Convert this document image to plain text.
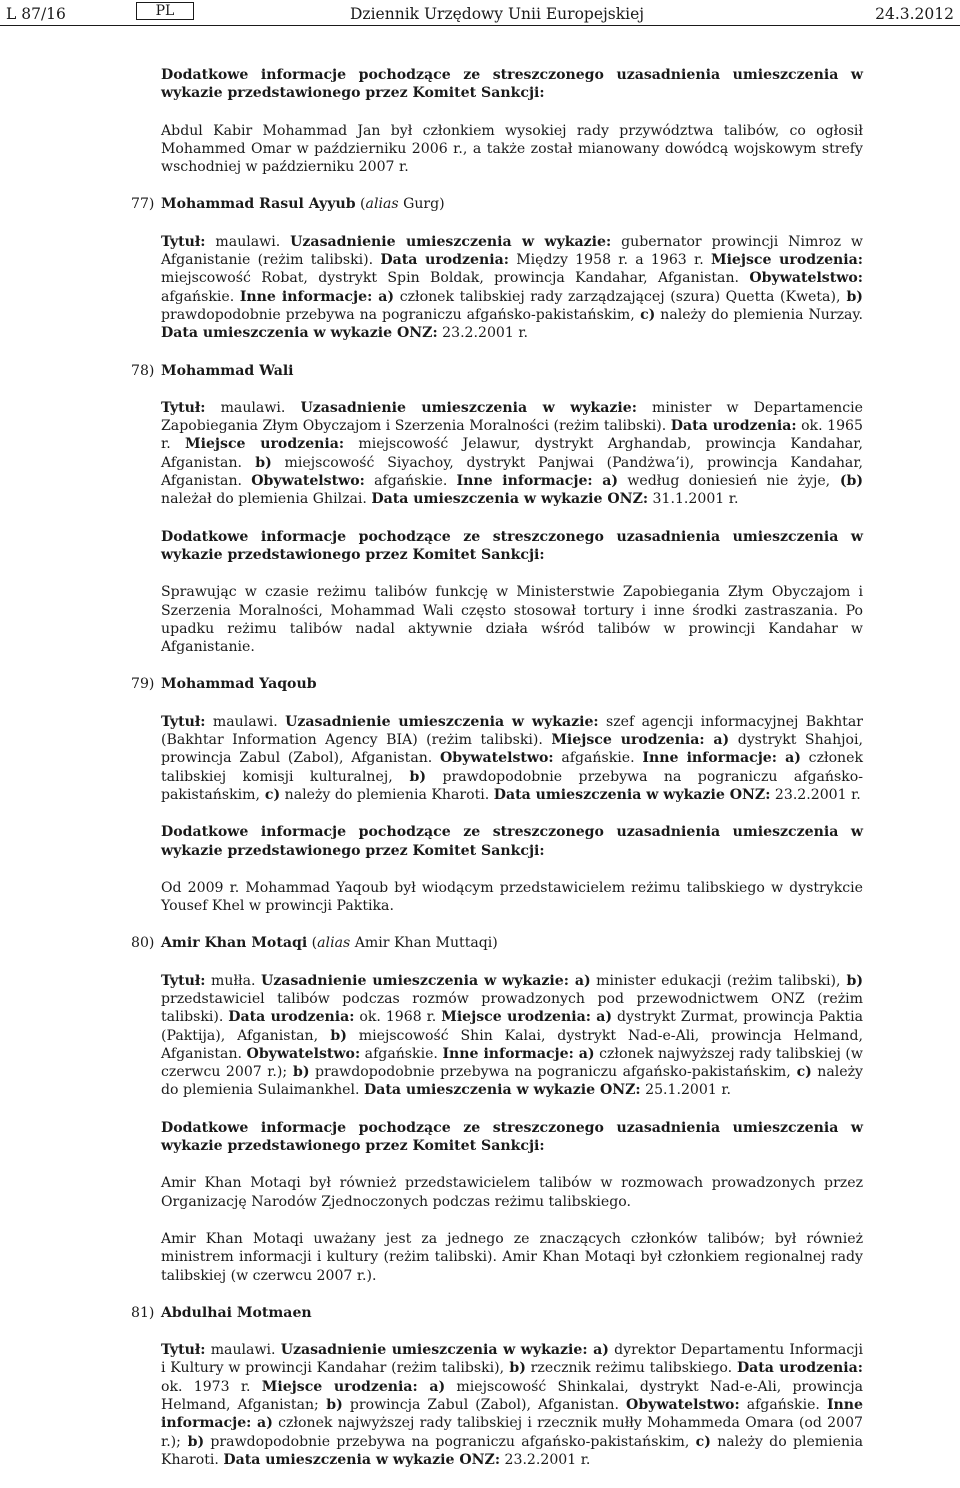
L 87/16	PL	Dziennik Urzędowy Unii Europejskiej	24.3.2012

Dodatkowe informacje pochodzące ze streszczonego uzasadnienia umieszczenia w wykazie przedstawionego przez Komitet Sankcji:

Abdul Kabir Mohammad Jan był członkiem wysokiej rady przywództwa talibów, co ogłosił Mohammed Omar w październiku 2006 r., a także został mianowany dowódcą wojskowym strefy wschodniej w październiku 2007 r.

77) Mohammad Rasul Ayyub (alias Gurg)

Tytuł: maulawi. Uzasadnienie umieszczenia w wykazie: gubernator prowincji Nimroz w Afganistanie (reżim talibski). Data urodzenia: Między 1958 r. a 1963 r. Miejsce urodzenia: miejscowość Robat, dystrykt Spin Boldak, prowincja Kandahar, Afganistan. Obywatelstwo: afgańskie. Inne informacje: a) członek talibskiej rady zarządzającej (szura) Quetta (Kweta), b) prawdopodobnie przebywa na pograniczu afgańsko-pakistańskim, c) należy do plemienia Nurzay. Data umieszczenia w wykazie ONZ: 23.2.2001 r.

78) Mohammad Wali

Tytuł: maulawi. Uzasadnienie umieszczenia w wykazie: minister w Departamencie Zapobiegania Złym Obyczajom i Szerzenia Moralności (reżim talibski). Data urodzenia: ok. 1965 r. Miejsce urodzenia: miejscowość Jelawur, dystrykt Arghandab, prowincja Kandahar, Afganistan. b) miejscowość Siyachoy, dystrykt Panjwai (Pandżwa’i), prowincja Kandahar, Afganistan. Obywatelstwo: afgańskie. Inne informacje: a) według doniesień nie żyje, (b) należał do plemienia Ghilzai. Data umieszczenia w wykazie ONZ: 31.1.2001 r.

Dodatkowe informacje pochodzące ze streszczonego uzasadnienia umieszczenia w wykazie przedstawionego przez Komitet Sankcji:

Sprawując w czasie reżimu talibów funkcję w Ministerstwie Zapobiegania Złym Obyczajom i Szerzenia Moralności, Mohammad Wali często stosował tortury i inne środki zastraszania. Po upadku reżimu talibów nadal aktywnie działa wśród talibów w prowincji Kandahar w Afganistanie.

79) Mohammad Yaqoub

Tytuł: maulawi. Uzasadnienie umieszczenia w wykazie: szef agencji informacyjnej Bakhtar (Bakhtar Information Agency BIA) (reżim talibski). Miejsce urodzenia: a) dystrykt Shahjoi, prowincja Zabul (Zabol), Afganistan. Obywatelstwo: afgańskie. Inne informacje: a) członek talibskiej komisji kulturalnej, b) prawdopodobnie przebywa na pograniczu afgańsko-pakistańskim, c) należy do plemienia Kharoti. Data umieszczenia w wykazie ONZ: 23.2.2001 r.

Dodatkowe informacje pochodzące ze streszczonego uzasadnienia umieszczenia w wykazie przedstawionego przez Komitet Sankcji:

Od 2009 r. Mohammad Yaqoub był wiodącym przedstawicielem reżimu talibskiego w dystrykcie Yousef Khel w prowincji Paktika.

80) Amir Khan Motaqi (alias Amir Khan Muttaqi)

Tytuł: mułła. Uzasadnienie umieszczenia w wykazie: a) minister edukacji (reżim talibski), b) przedstawiciel talibów podczas rozmów prowadzonych pod przewodnictwem ONZ (reżim talibski). Data urodzenia: ok. 1968 r. Miejsce urodzenia: a) dystrykt Zurmat, prowincja Paktia (Paktija), Afganistan, b) miejscowość Shin Kalai, dystrykt Nad-e-Ali, prowincja Helmand, Afganistan. Obywatelstwo: afgańskie. Inne informacje: a) członek najwyższej rady talibskiej (w czerwcu 2007 r.); b) prawdopodobnie przebywa na pograniczu afgańsko-pakistańskim, c) należy do plemienia Sulaimankhel. Data umieszczenia w wykazie ONZ: 25.1.2001 r.

Dodatkowe informacje pochodzące ze streszczonego uzasadnienia umieszczenia w wykazie przedstawionego przez Komitet Sankcji:

Amir Khan Motaqi był również przedstawicielem talibów w rozmowach prowadzonych przez Organizację Narodów Zjednoczonych podczas reżimu talibskiego.

Amir Khan Motaqi uważany jest za jednego ze znaczących członków talibów; był również ministrem informacji i kultury (reżim talibski). Amir Khan Motaqi był członkiem regionalnej rady talibskiej (w czerwcu 2007 r.).

81) Abdulhai Motmaen

Tytuł: maulawi. Uzasadnienie umieszczenia w wykazie: a) dyrektor Departamentu Informacji i Kultury w prowincji Kandahar (reżim talibski), b) rzecznik reżimu talibskiego. Data urodzenia: ok. 1973 r. Miejsce urodzenia: a) miejscowość Shinkalai, dystrykt Nad-e-Ali, prowincja Helmand, Afganistan; b) prowincja Zabul (Zabol), Afganistan. Obywatelstwo: afgańskie. Inne informacje: a) członek najwyższej rady talibskiej i rzecznik mułły Mohammeda Omara (od 2007 r.); b) prawdopodobnie przebywa na pograniczu afgańsko-pakistańskim, c) należy do plemienia Kharoti. Data umieszczenia w wykazie ONZ: 23.2.2001 r.
